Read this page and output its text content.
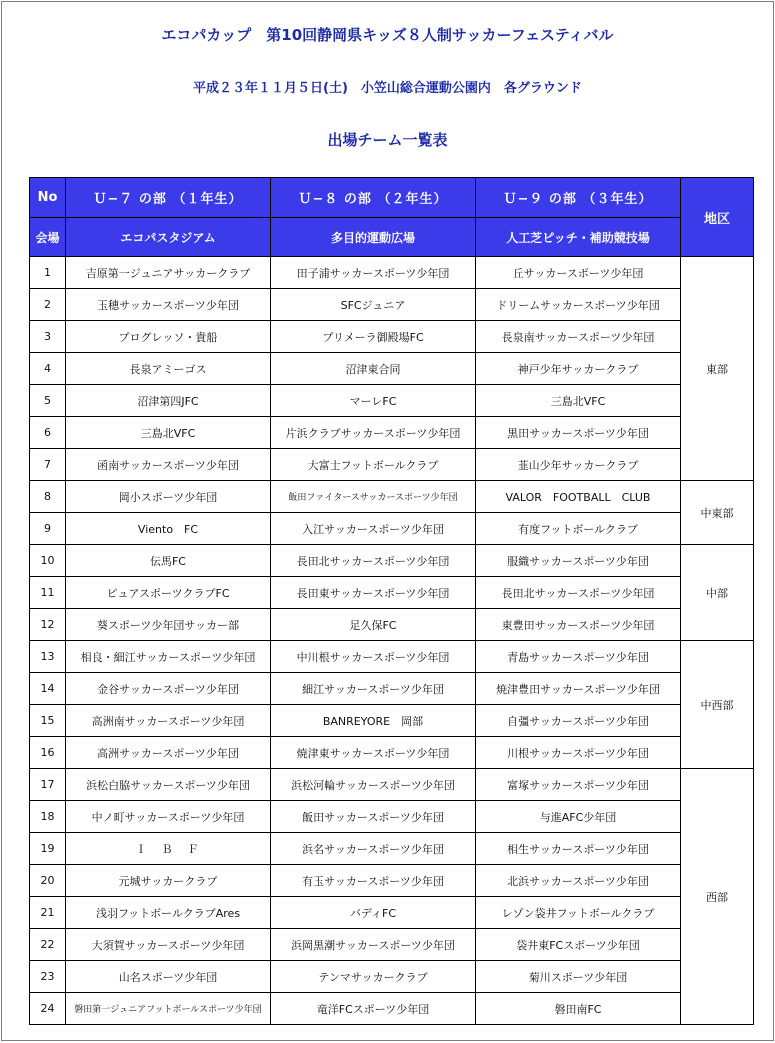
エコパカップ　第10回静岡県キッズ８人制サッカーフェスティバル

平成２３年１１月５日(土)　小笠山総合運動公園内　各グラウンド

出場チーム一覧表

No	Ｕ−７ の部 （１年生）	Ｕ−８ の部 （２年生）	Ｕ−９ の部 （３年生）	地区
会場	エコパスタジアム	多目的運動広場	人工芝ピッチ・補助競技場	
1	吉原第一ジュニアサッカークラブ	田子浦サッカースポーツ少年団	丘サッカースポーツ少年団	東部
2	玉穂サッカースポーツ少年団	SFCジュニア	ドリームサッカースポーツ少年団	
3	プログレッソ・貴船	プリメーラ御殿場FC	長泉南サッカースポーツ少年団	
4	長泉アミーゴス	沼津東合同	神戸少年サッカークラブ	
5	沼津第四JFC	マーレFC	三島北VFC	
6	三島北VFC	片浜クラブサッカースポーツ少年団	黒田サッカースポーツ少年団	
7	函南サッカースポーツ少年団	大富士フットボールクラブ	韮山少年サッカークラブ	
8	岡小スポーツ少年団	飯田ファイタースサッカースポーツ少年団	VALOR　FOOTBALL　CLUB	中東部
9	Viento　FC	入江サッカースポーツ少年団	有度フットボールクラブ	
10	伝馬FC	長田北サッカースポーツ少年団	服織サッカースポーツ少年団	中部
11	ピュアスポーツクラブFC	長田東サッカースポーツ少年団	長田北サッカースポーツ少年団	
12	葵スポーツ少年団サッカー部	足久保FC	東豊田サッカースポーツ少年団	
13	相良・細江サッカースポーツ少年団	中川根サッカースポーツ少年団	青島サッカースポーツ少年団	中西部
14	金谷サッカースポーツ少年団	細江サッカースポーツ少年団	焼津豊田サッカースポーツ少年団	
15	高洲南サッカースポーツ少年団	BANREYORE　岡部	自彊サッカースポーツ少年団	
16	高洲サッカースポーツ少年団	焼津東サッカースポーツ少年団	川根サッカースポーツ少年団	
17	浜松白脇サッカースポーツ少年団	浜松河輪サッカースポーツ少年団	富塚サッカースポーツ少年団	西部
18	中ノ町サッカースポーツ少年団	飯田サッカースポーツ少年団	与進AFC少年団	
19	Ｉ　Ｂ　Ｆ	浜名サッカースポーツ少年団	相生サッカースポーツ少年団	
20	元城サッカークラブ	有玉サッカースポーツ少年団	北浜サッカースポーツ少年団	
21	浅羽フットボールクラブAres	バディFC	レゾン袋井フットボールクラブ	
22	大須賀サッカースポーツ少年団	浜岡黒潮サッカースポーツ少年団	袋井東FCスポーツ少年団	
23	山名スポーツ少年団	テンマサッカークラブ	菊川スポーツ少年団	
24	磐田第一ジュニアフットボールスポーツ少年団	竜洋FCスポーツ少年団	磐田南FC	
